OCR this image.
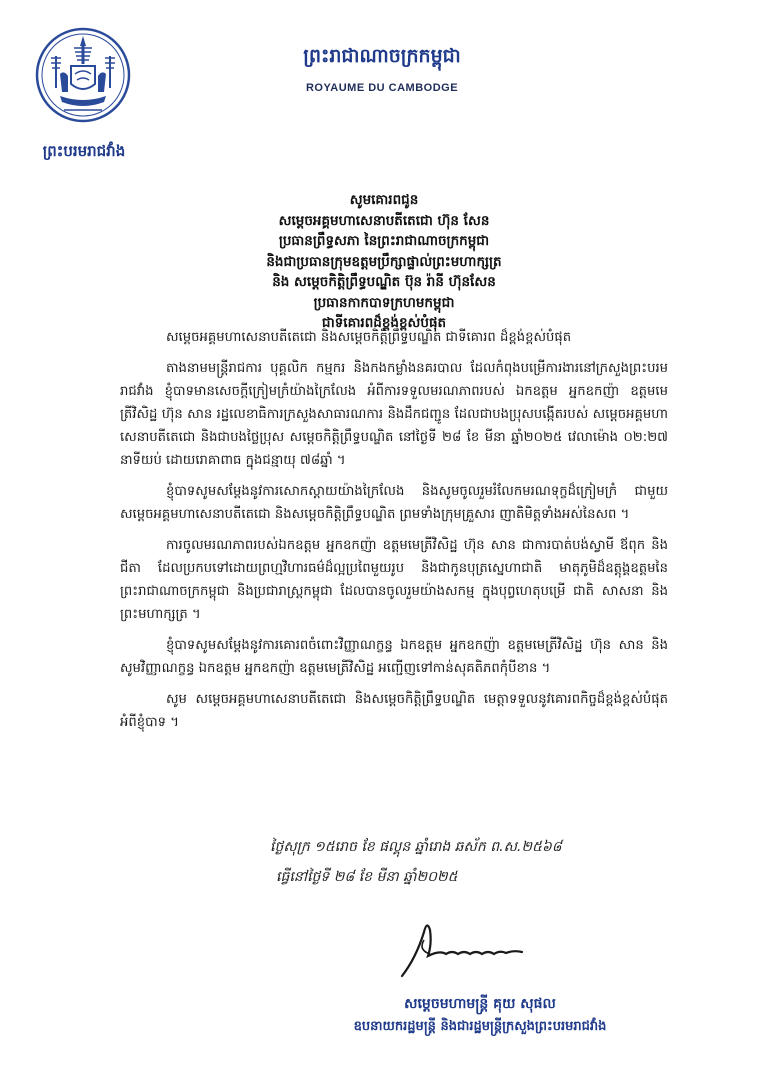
ព្រះបរមរាជវាំង
ព្រះរាជាណាចក្រកម្ពុជា
ROYAUME DU CAMBODGE
សូមគោរពជូន
សម្ដេចអគ្គមហាសេនាបតីតេជោ ហ៊ុន សែន
ប្រធានព្រឹទ្ធសភា នៃព្រះរាជាណាចក្រកម្ពុជា
និងជាប្រធានក្រុមឧត្តមប្រឹក្សាផ្ទាល់ព្រះមហាក្សត្រ
និង សម្ដេចកិត្តិព្រឹទ្ធបណ្ឌិត ប៊ុន រ៉ានី ហ៊ុនសែន
ប្រធានកាកបាទក្រហមកម្ពុជា
ជាទីគោរពដ៏ខ្ពង់ខ្ពស់បំផុត

សម្ដេចអគ្គមហាសេនាបតីតេជោ និងសម្ដេចកិត្តិព្រឹទ្ធបណ្ឌិត ជាទីគោរព ដ៏ខ្ពង់ខ្ពស់បំផុត

តាងនាមមន្ត្រីរាជការ បុគ្គលិក កម្មករ និងកងកម្លាំងនគរបាល ដែលកំពុងបម្រើការងារនៅក្រសួងព្រះបរមរាជវាំង ខ្ញុំបាទមានសេចក្ដីក្រៀមក្រំយ៉ាងក្រៃលែង អំពីការទទួលមរណភាពរបស់ ឯកឧត្តម អ្នកឧកញ៉ា ឧត្តមមេត្រីវិសិដ្ឋ ហ៊ុន សាន រដ្ឋលេខាធិការក្រសួងសាធារណការ និងដឹកជញ្ជូន ដែលជាបងប្រុសបង្កើតរបស់ សម្ដេចអគ្គមហាសេនាបតីតេជោ និងជាបងថ្លៃប្រុស សម្ដេចកិត្តិព្រឹទ្ធបណ្ឌិត នៅថ្ងៃទី ២៨ ខែ មីនា ឆ្នាំ២០២៥ វេលាម៉ោង ០២:២៧ នាទីយប់ ដោយរោគាពាធ ក្នុងជន្មាយុ ៧៨ឆ្នាំ ។

ខ្ញុំបាទសូមសម្ដែងនូវការសោកស្ដាយយ៉ាងក្រៃលែង និងសូមចូលរួមរំលែកមរណទុក្ខដ៏ក្រៀមក្រំ ជាមួយ សម្ដេចអគ្គមហាសេនាបតីតេជោ និងសម្ដេចកិត្តិព្រឹទ្ធបណ្ឌិត ព្រមទាំងក្រុមគ្រួសារ ញាតិមិត្តទាំងអស់នៃសព ។

ការចូលមរណភាពរបស់ឯកឧត្តម អ្នកឧកញ៉ា ឧត្តមមេត្រីវិសិដ្ឋ ហ៊ុន សាន ជាការបាត់បង់ស្វាមី ឪពុក និងជីតា ដែលប្រកបទៅដោយព្រហ្មវិហារធម៌ដ៏ល្អប្រពៃមួយរូប និងជាកូនបុត្រស្នេហាជាតិ មាតុភូមិដ៏ឧត្ដុង្គឧត្ដមនៃព្រះរាជាណាចក្រកម្ពុជា និងប្រជារាស្ត្រកម្ពុជា ដែលបានចូលរួមយ៉ាងសកម្ម ក្នុងបុព្វហេតុបម្រើ ជាតិ សាសនា និង ព្រះមហាក្សត្រ ។

ខ្ញុំបាទសូមសម្ដែងនូវការគោរពចំពោះវិញ្ញាណក្ខន្ធ ឯកឧត្តម អ្នកឧកញ៉ា ឧត្តមមេត្រីវិសិដ្ឋ ហ៊ុន សាន និងសូមវិញ្ញាណក្ខន្ធ ឯកឧត្តម អ្នកឧកញ៉ា ឧត្តមមេត្រីវិសិដ្ឋ អញ្ជើញទៅកាន់សុគតិភពកុំបីខាន ។

សូម សម្ដេចអគ្គមហាសេនាបតីតេជោ និងសម្ដេចកិត្តិព្រឹទ្ធបណ្ឌិត មេត្តាទទួលនូវគោរពកិច្ចដ៏ខ្ពង់ខ្ពស់បំផុត អំពីខ្ញុំបាទ ។

ថ្ងៃសុក្រ ១៥រោច ខែ ផល្គុន ឆ្នាំរោង ឆស័ក ព.ស.២៥៦៨
ធ្វើនៅថ្ងៃទី ២៨ ខែ មីនា ឆ្នាំ២០២៥
សម្ដេចមហាមន្ត្រី គុយ សុផល
ឧបនាយករដ្ឋមន្ត្រី និងជារដ្ឋមន្ត្រីក្រសួងព្រះបរមរាជវាំង
